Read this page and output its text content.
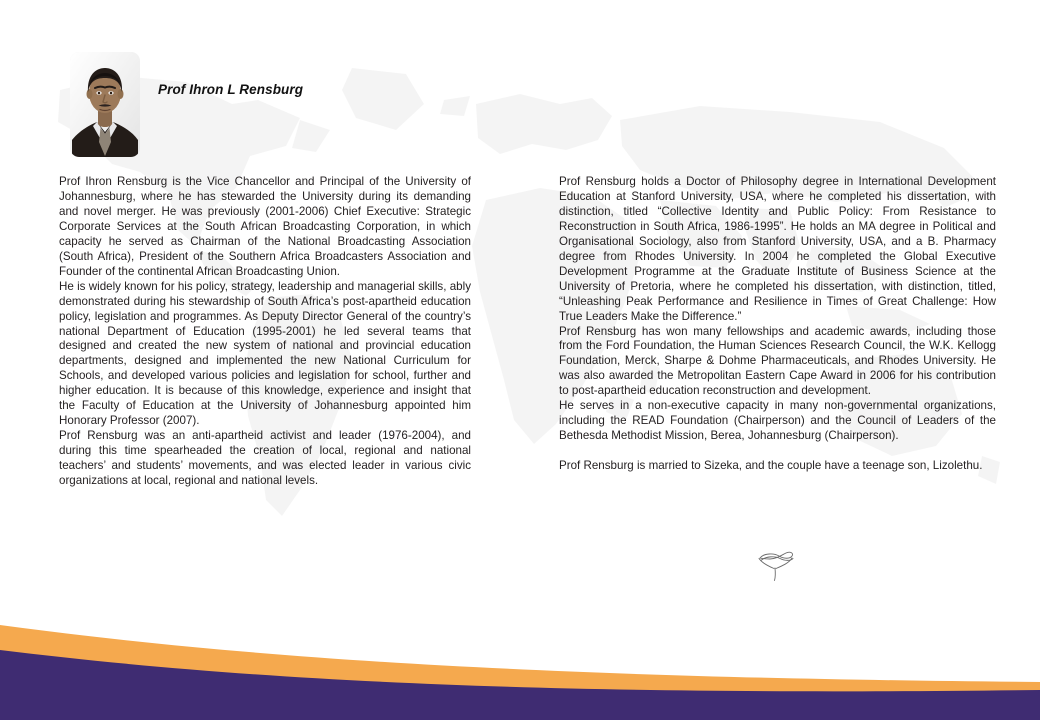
Prof Ihron L Rensburg

Prof Ihron Rensburg is the Vice Chancellor and Principal of the University of Johannesburg, where he has stewarded the University during its demanding and novel merger. He was previously (2001-2006) Chief Executive: Strategic Corporate Services at the South African Broadcasting Corporation, in which capacity he served as Chairman of the National Broadcasting Association (South Africa), President of the Southern Africa Broadcasters Association and Founder of the continental African Broadcasting Union.

He is widely known for his policy, strategy, leadership and managerial skills, ably demonstrated during his stewardship of South Africa’s post-apartheid education policy, legislation and programmes. As Deputy Director General of the country’s national Department of Education (1995-2001) he led several teams that designed and created the new system of national and provincial education departments, designed and implemented the new National Curriculum for Schools, and developed various policies and legislation for school, further and higher education. It is because of this knowledge, experience and insight that the Faculty of Education at the University of Johannesburg appointed him Honorary Professor (2007).

Prof Rensburg was an anti-apartheid activist and leader (1976-2004), and during this time spearheaded the creation of local, regional and national teachers’ and students’ movements, and was elected leader in various civic organizations at local, regional and national levels.

Prof Rensburg holds a Doctor of Philosophy degree in International Development Education at Stanford University, USA, where he completed his dissertation, with distinction, titled “Collective Identity and Public Policy: From Resistance to Reconstruction in South Africa, 1986-1995”. He holds an MA degree in Political and Organisational Sociology, also from Stanford University, USA, and a B. Pharmacy degree from Rhodes University. In 2004 he completed the Global Executive Development Programme at the Graduate Institute of Business Science at the University of Pretoria, where he completed his dissertation, with distinction, titled, “Unleashing Peak Performance and Resilience in Times of Great Challenge: How True Leaders Make the Difference.”

Prof Rensburg has won many fellowships and academic awards, including those from the Ford Foundation, the Human Sciences Research Council, the W.K. Kellogg Foundation, Merck, Sharpe & Dohme Pharmaceuticals, and Rhodes University. He was also awarded the Metropolitan Eastern Cape Award in 2006 for his contribution to post-apartheid education reconstruction and development.

He serves in a non-executive capacity in many non-governmental organizations, including the READ Foundation (Chairperson) and the Council of Leaders of the Bethesda Methodist Mission, Berea, Johannesburg (Chairperson).

Prof Rensburg is married to Sizeka, and the couple have a teenage son, Lizolethu.
